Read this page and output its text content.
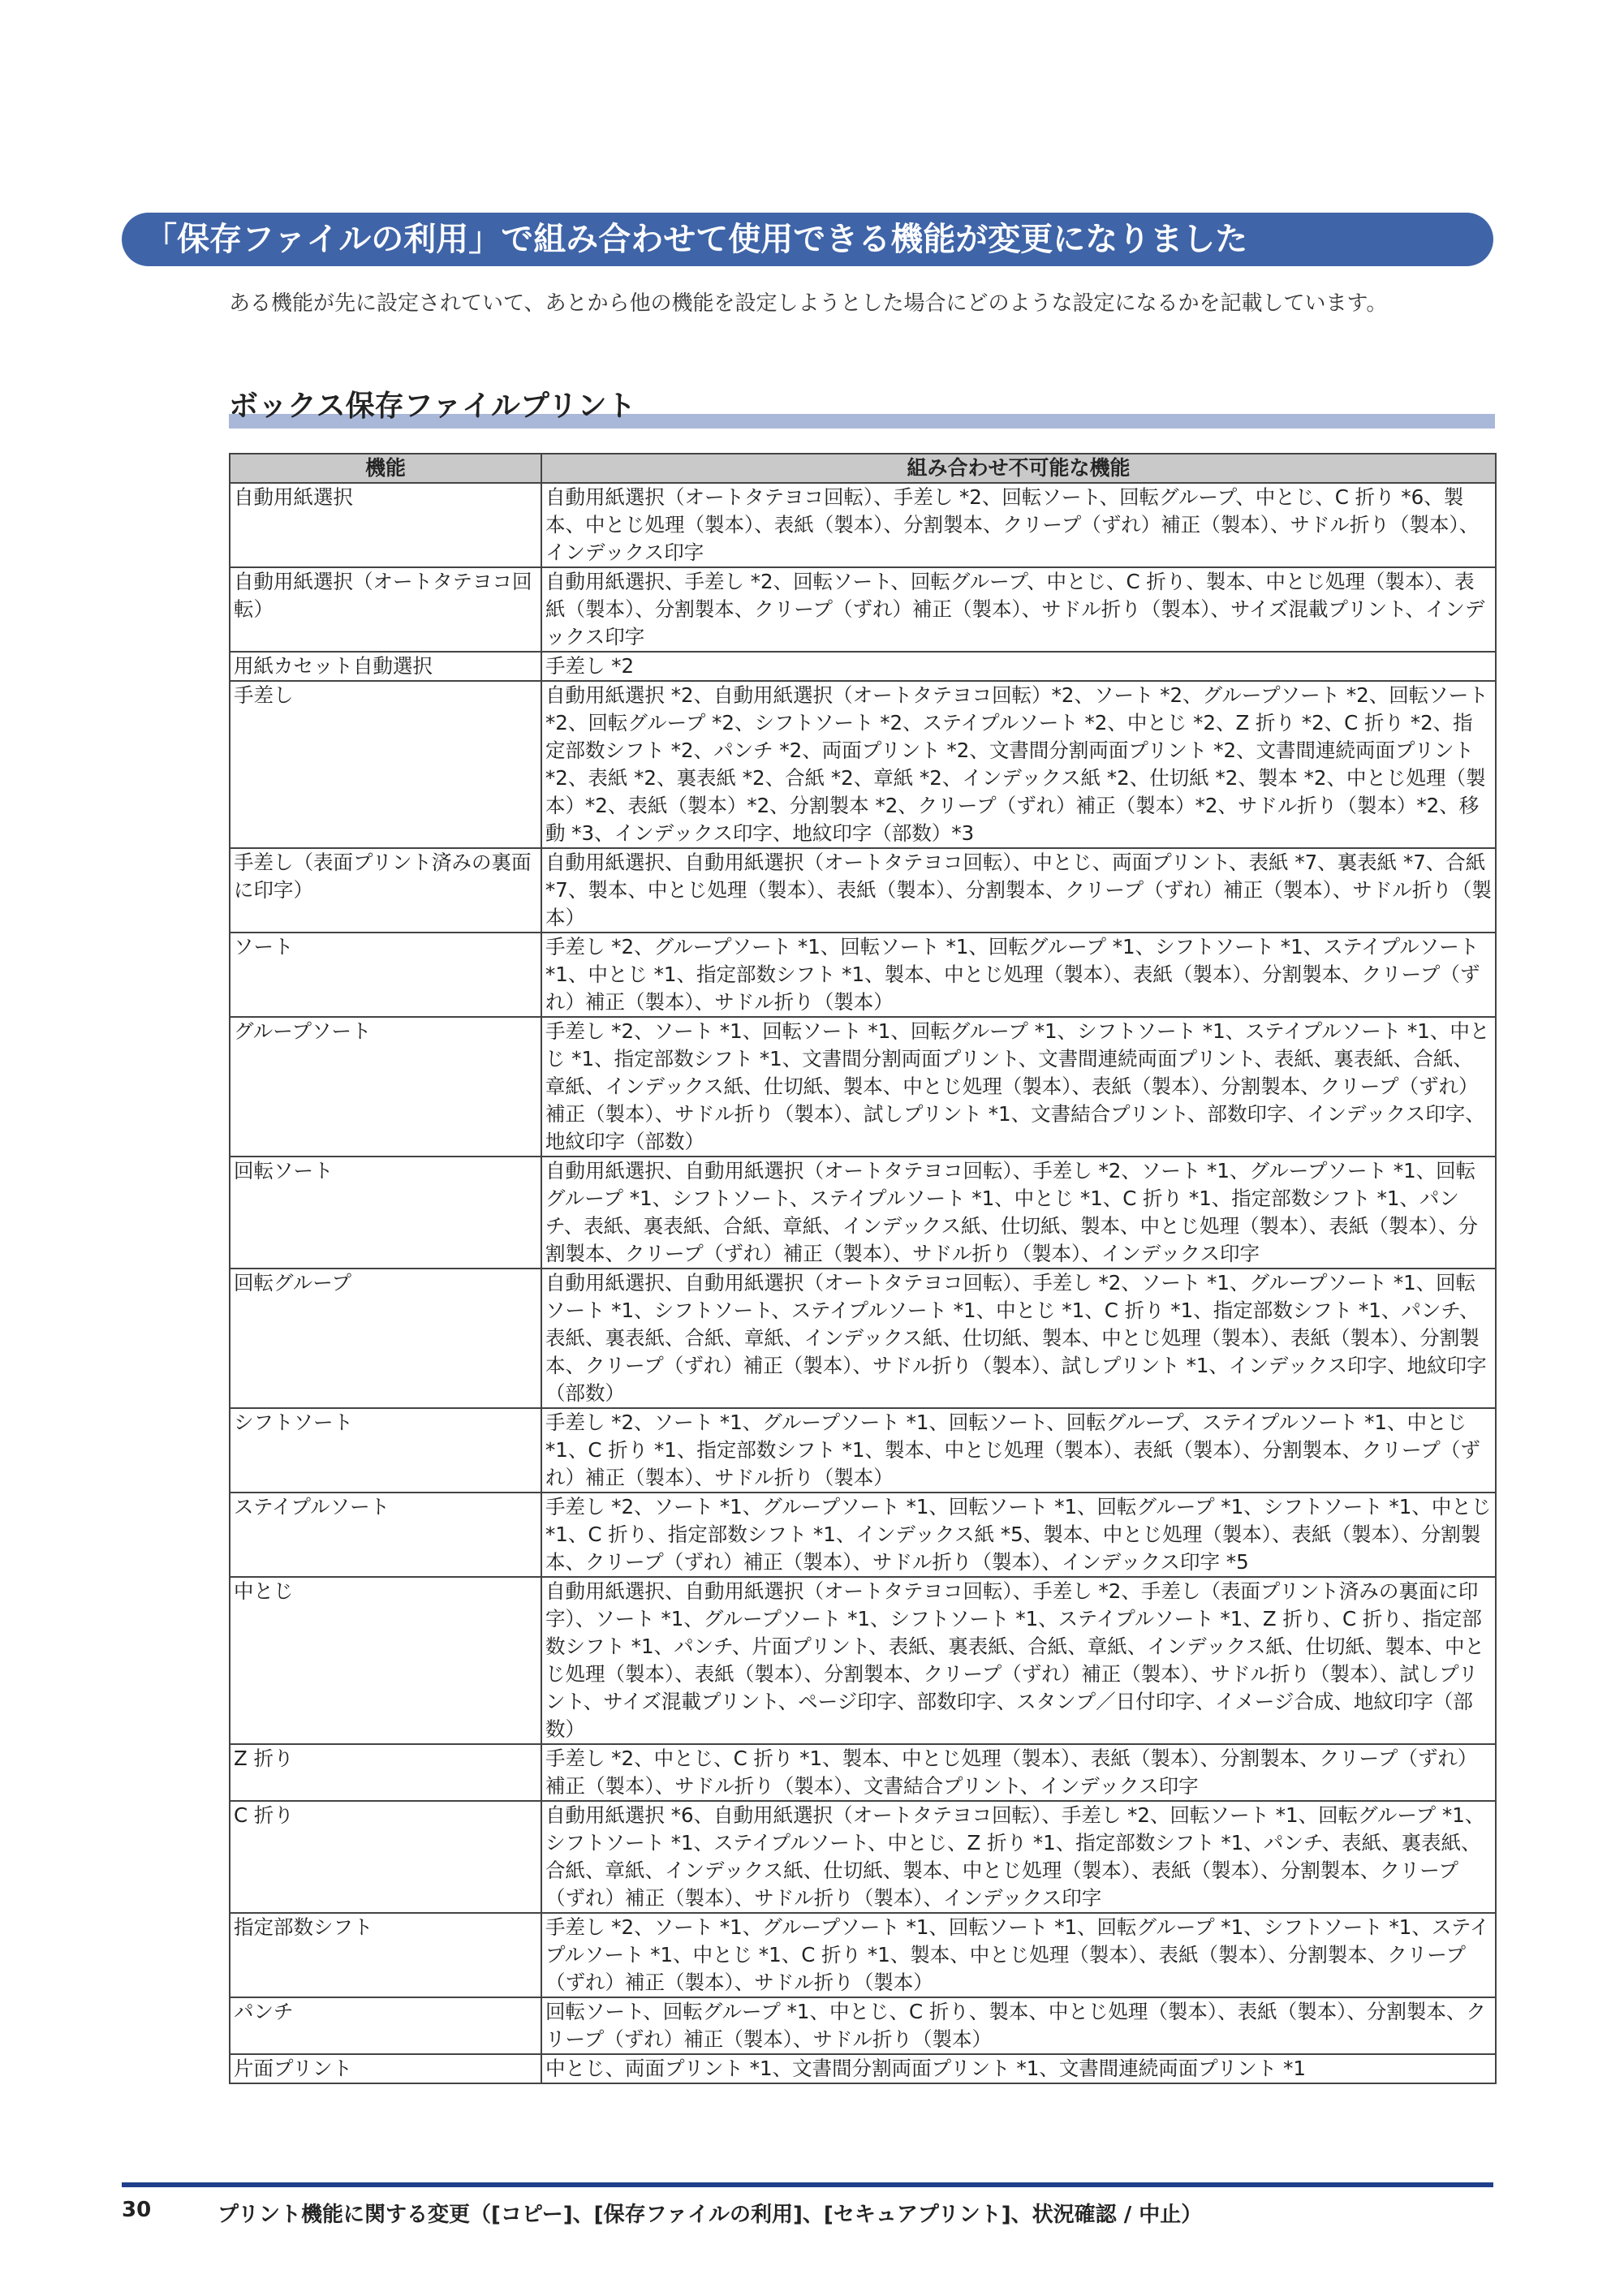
「保存ファイルの利用」で組み合わせて使用できる機能が変更になりました
ある機能が先に設定されていて、あとから他の機能を設定しようとした場合にどのような設定になるかを記載しています。
ボックス保存ファイルプリント
機能	組み合わせ不可能な機能
自動用紙選択	自動用紙選択（オートタテヨコ回転）、手差し *2、回転ソート、回転グループ、中とじ、C 折り *6、製本、中とじ処理（製本）、表紙（製本）、分割製本、クリープ（ずれ）補正（製本）、サドル折り（製本）、インデックス印字
自動用紙選択（オートタテヨコ回転）	自動用紙選択、手差し *2、回転ソート、回転グループ、中とじ、C 折り、製本、中とじ処理（製本）、表紙（製本）、分割製本、クリープ（ずれ）補正（製本）、サドル折り（製本）、サイズ混載プリント、インデックス印字
用紙カセット自動選択	手差し *2
手差し	自動用紙選択 *2、自動用紙選択（オートタテヨコ回転）*2、ソート *2、グループソート *2、回転ソート *2、回転グループ *2、シフトソート *2、ステイプルソート *2、中とじ *2、Z 折り *2、C 折り *2、指定部数シフト *2、パンチ *2、両面プリント *2、文書間分割両面プリント *2、文書間連続両面プリント *2、表紙 *2、裏表紙 *2、合紙 *2、章紙 *2、インデックス紙 *2、仕切紙 *2、製本 *2、中とじ処理（製本）*2、表紙（製本）*2、分割製本 *2、クリープ（ずれ）補正（製本）*2、サドル折り（製本）*2、移動 *3、インデックス印字、地紋印字（部数）*3
手差し（表面プリント済みの裏面に印字）	自動用紙選択、自動用紙選択（オートタテヨコ回転）、中とじ、両面プリント、表紙 *7、裏表紙 *7、合紙 *7、製本、中とじ処理（製本）、表紙（製本）、分割製本、クリープ（ずれ）補正（製本）、サドル折り（製本）
ソート	手差し *2、グループソート *1、回転ソート *1、回転グループ *1、シフトソート *1、ステイプルソート *1、中とじ *1、指定部数シフト *1、製本、中とじ処理（製本）、表紙（製本）、分割製本、クリープ（ずれ）補正（製本）、サドル折り（製本）
グループソート	手差し *2、ソート *1、回転ソート *1、回転グループ *1、シフトソート *1、ステイプルソート *1、中とじ *1、指定部数シフト *1、文書間分割両面プリント、文書間連続両面プリント、表紙、裏表紙、合紙、章紙、インデックス紙、仕切紙、製本、中とじ処理（製本）、表紙（製本）、分割製本、クリープ（ずれ）補正（製本）、サドル折り（製本）、試しプリント *1、文書結合プリント、部数印字、インデックス印字、地紋印字（部数）
回転ソート	自動用紙選択、自動用紙選択（オートタテヨコ回転）、手差し *2、ソート *1、グループソート *1、回転グループ *1、シフトソート、ステイプルソート *1、中とじ *1、C 折り *1、指定部数シフト *1、パンチ、表紙、裏表紙、合紙、章紙、インデックス紙、仕切紙、製本、中とじ処理（製本）、表紙（製本）、分割製本、クリープ（ずれ）補正（製本）、サドル折り（製本）、インデックス印字
回転グループ	自動用紙選択、自動用紙選択（オートタテヨコ回転）、手差し *2、ソート *1、グループソート *1、回転ソート *1、シフトソート、ステイプルソート *1、中とじ *1、C 折り *1、指定部数シフト *1、パンチ、表紙、裏表紙、合紙、章紙、インデックス紙、仕切紙、製本、中とじ処理（製本）、表紙（製本）、分割製本、クリープ（ずれ）補正（製本）、サドル折り（製本）、試しプリント *1、インデックス印字、地紋印字（部数）
シフトソート	手差し *2、ソート *1、グループソート *1、回転ソート、回転グループ、ステイプルソート *1、中とじ *1、C 折り *1、指定部数シフト *1、製本、中とじ処理（製本）、表紙（製本）、分割製本、クリープ（ずれ）補正（製本）、サドル折り（製本）
ステイプルソート	手差し *2、ソート *1、グループソート *1、回転ソート *1、回転グループ *1、シフトソート *1、中とじ *1、C 折り、指定部数シフト *1、インデックス紙 *5、製本、中とじ処理（製本）、表紙（製本）、分割製本、クリープ（ずれ）補正（製本）、サドル折り（製本）、インデックス印字 *5
中とじ	自動用紙選択、自動用紙選択（オートタテヨコ回転）、手差し *2、手差し（表面プリント済みの裏面に印字）、ソート *1、グループソート *1、シフトソート *1、ステイプルソート *1、Z 折り、C 折り、指定部数シフト *1、パンチ、片面プリント、表紙、裏表紙、合紙、章紙、インデックス紙、仕切紙、製本、中とじ処理（製本）、表紙（製本）、分割製本、クリープ（ずれ）補正（製本）、サドル折り（製本）、試しプリント、サイズ混載プリント、ページ印字、部数印字、スタンプ／日付印字、イメージ合成、地紋印字（部数）
Z 折り	手差し *2、中とじ、C 折り *1、製本、中とじ処理（製本）、表紙（製本）、分割製本、クリープ（ずれ）補正（製本）、サドル折り（製本）、文書結合プリント、インデックス印字
C 折り	自動用紙選択 *6、自動用紙選択（オートタテヨコ回転）、手差し *2、回転ソート *1、回転グループ *1、シフトソート *1、ステイプルソート、中とじ、Z 折り *1、指定部数シフト *1、パンチ、表紙、裏表紙、合紙、章紙、インデックス紙、仕切紙、製本、中とじ処理（製本）、表紙（製本）、分割製本、クリープ（ずれ）補正（製本）、サドル折り（製本）、インデックス印字
指定部数シフト	手差し *2、ソート *1、グループソート *1、回転ソート *1、回転グループ *1、シフトソート *1、ステイプルソート *1、中とじ *1、C 折り *1、製本、中とじ処理（製本）、表紙（製本）、分割製本、クリープ（ずれ）補正（製本）、サドル折り（製本）
パンチ	回転ソート、回転グループ *1、中とじ、C 折り、製本、中とじ処理（製本）、表紙（製本）、分割製本、クリープ（ずれ）補正（製本）、サドル折り（製本）
片面プリント	中とじ、両面プリント *1、文書間分割両面プリント *1、文書間連続両面プリント *1
30	プリント機能に関する変更（[コピー]、[保存ファイルの利用]、[セキュアプリント]、状況確認 / 中止）
